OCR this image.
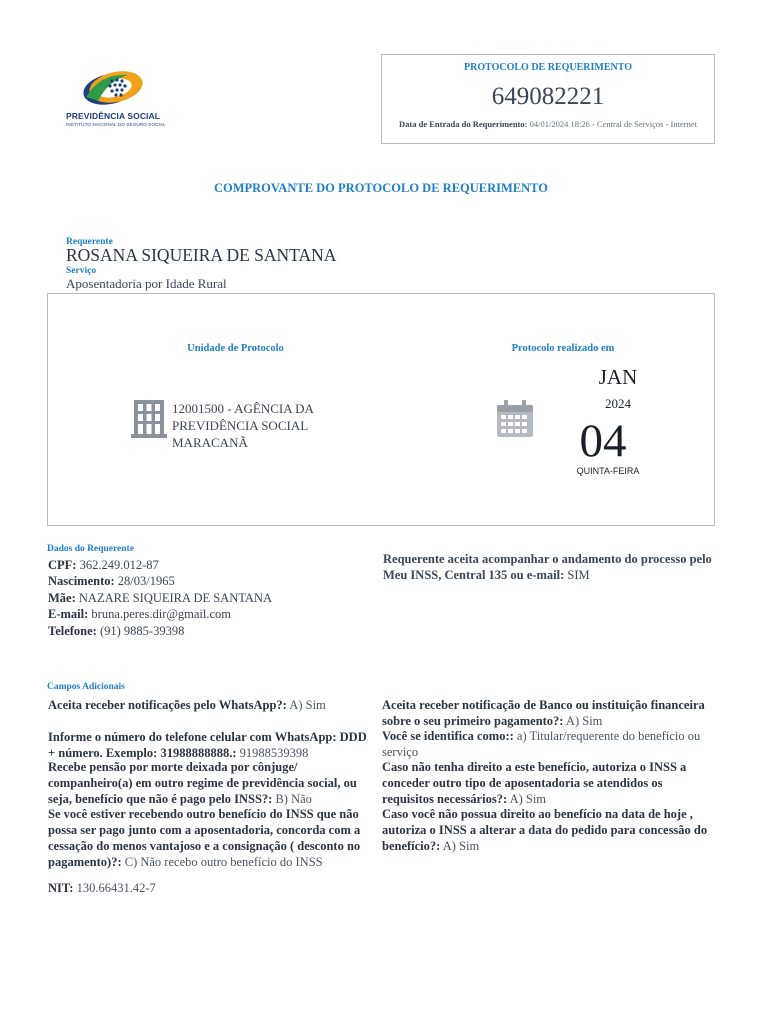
PREVIDÊNCIA SOCIAL
INSTITUTO NACIONAL DO SEGURO SOCIAL
PROTOCOLO DE REQUERIMENTO
649082221
Data de Entrada do Requerimento: 04/01/2024 18:26 - Central de Serviços - Internet
COMPROVANTE DO PROTOCOLO DE REQUERIMENTO
Requerente
ROSANA SIQUEIRA DE SANTANA
Serviço
Aposentadoria por Idade Rural
Unidade de Protocolo	Protocolo realizado em
12001500 - AGÊNCIA DA PREVIDÊNCIA SOCIAL MARACANÃ
JAN
2024
04
QUINTA-FEIRA
Dados do Requerente
CPF: 362.249.012-87
Nascimento: 28/03/1965
Mãe: NAZARE SIQUEIRA DE SANTANA
E-mail: bruna.peres.dir@gmail.com
Telefone: (91) 9885-39398
Requerente aceita acompanhar o andamento do processo pelo Meu INSS, Central 135 ou e-mail: SIM
Campos Adicionais
Aceita receber notificações pelo WhatsApp?: A) Sim
Informe o número do telefone celular com WhatsApp: DDD + número. Exemplo: 31988888888.: 91988539398
Recebe pensão por morte deixada por cônjuge/ companheiro(a) em outro regime de previdência social, ou seja, benefício que não é pago pelo INSS?: B) Não
Se você estiver recebendo outro benefício do INSS que não possa ser pago junto com a aposentadoria, concorda com a cessação do menos vantajoso e a consignação ( desconto no pagamento)?: C) Não recebo outro benefício do INSS
NIT: 130.66431.42-7
Aceita receber notificação de Banco ou instituição financeira sobre o seu primeiro pagamento?: A) Sim
Você se identifica como:: a) Titular/requerente do benefício ou serviço
Caso não tenha direito a este benefício, autoriza o INSS a conceder outro tipo de aposentadoria se atendidos os requisitos necessários?: A) Sim
Caso você não possua direito ao benefício na data de hoje , autoriza o INSS a alterar a data do pedido para concessão do benefício?: A) Sim
